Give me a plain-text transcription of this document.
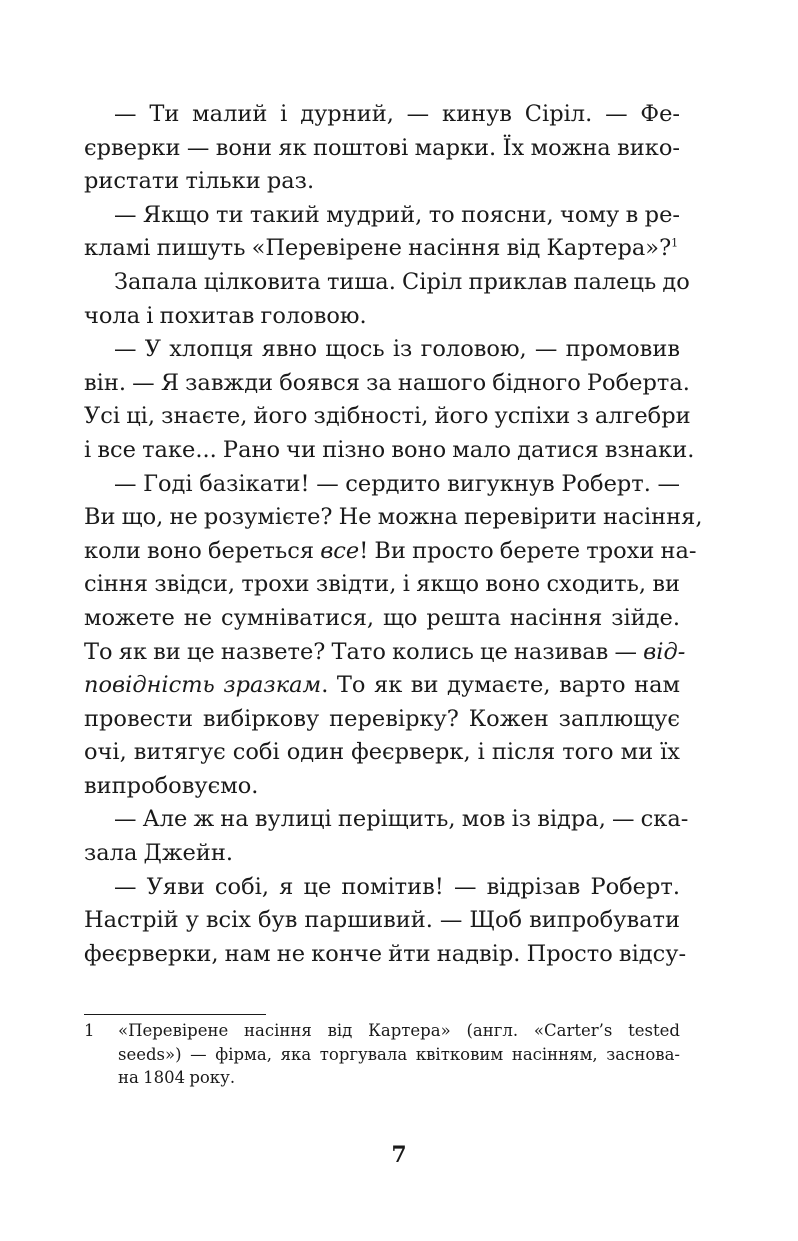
— Ти малий і дурний, — кинув Сіріл. — Фе-
єрверки — вони як поштові марки. Їх можна вико-
ристати тільки раз.
— Якщо ти такий мудрий, то поясни, чому в ре-
кламі пишуть «Перевірене насіння від Картера»?$^1$
Запала цілковита тиша. Сіріл приклав палець до
чола і похитав головою.
— У хлопця явно щось із головою, — промовив
він. — Я завжди боявся за нашого бідного Роберта.
Усі ці, знаєте, його здібності, його успіхи з алгебри
і все таке... Рано чи пізно воно мало датися взнаки.
— Годі базікати! — сердито вигукнув Роберт. —
Ви що, не розумієте? Не можна перевірити насіння,
коли воно береться все! Ви просто берете трохи на-
сіння звідси, трохи звідти, і якщо воно сходить, ви
можете не сумніватися, що решта насіння зійде.
То як ви це назвете? Тато колись це називав — від-
повідність зразкам. То як ви думаєте, варто нам
провести вибіркову перевірку? Кожен заплющує
очі, витягує собі один феєрверк, і після того ми їх
випробовуємо.
— Але ж на вулиці періщить, мов із відра, — ска-
зала Джейн.
— Уяви собі, я це помітив! — відрізав Роберт.
Настрій у всіх був паршивий. — Щоб випробувати
феєрверки, нам не конче йти надвір. Просто відсу-
1 «Перевірене насіння від Картера» (англ. «Carter’s tested
seeds») — фірма, яка торгувала квітковим насінням, заснова-
на 1804 року.
7
